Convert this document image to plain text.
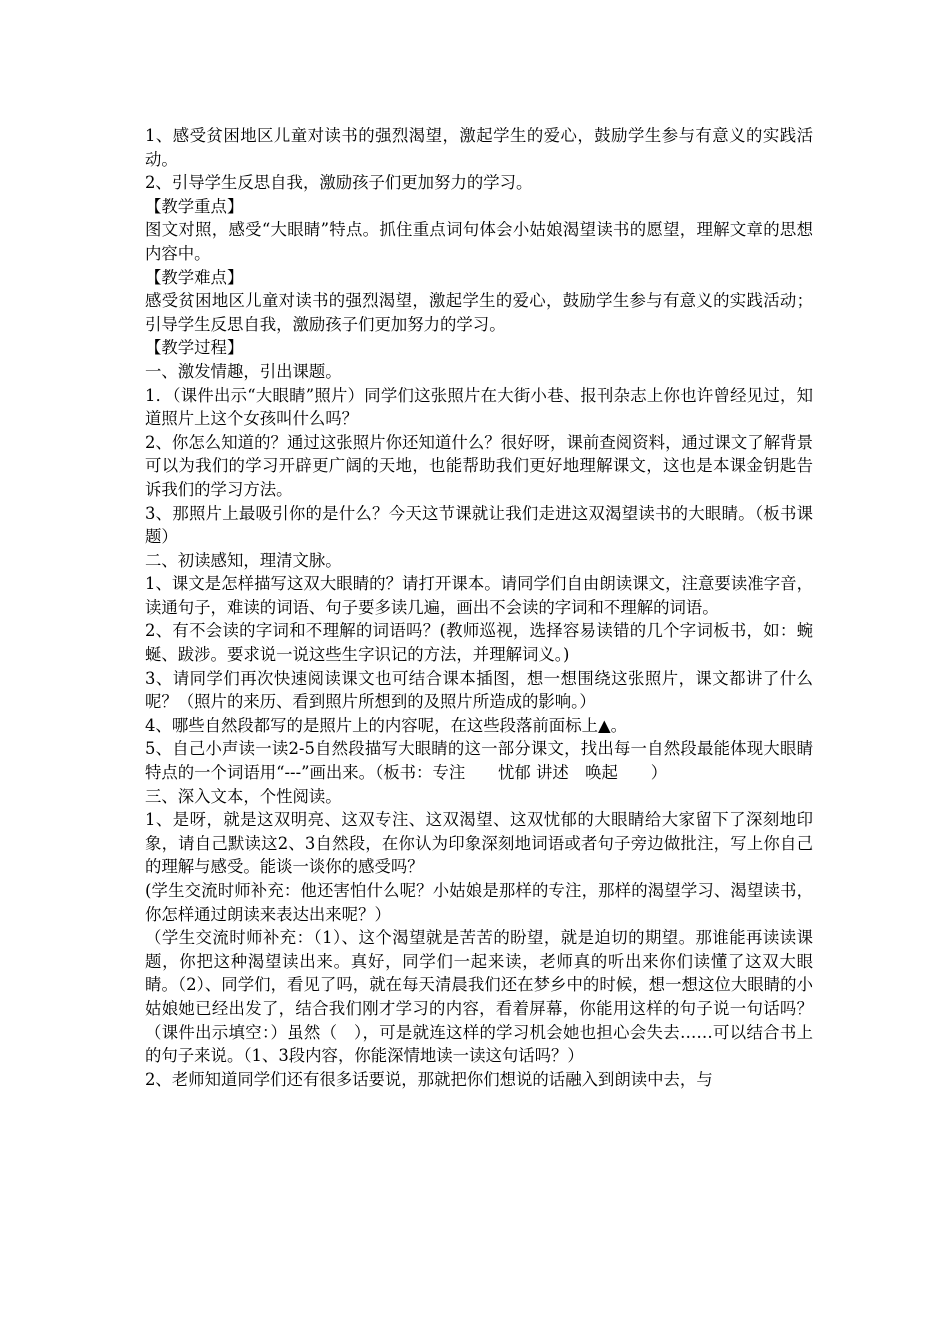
1、感受贫困地区儿童对读书的强烈渴望，激起学生的爱心，鼓励学生参与有意义的实践活动。

2、引导学生反思自我，激励孩子们更加努力的学习。

【教学重点】

图文对照，感受“大眼睛”特点。抓住重点词句体会小姑娘渴望读书的愿望，理解文章的思想内容中。

【教学难点】

感受贫困地区儿童对读书的强烈渴望，激起学生的爱心，鼓励学生参与有意义的实践活动；引导学生反思自我，激励孩子们更加努力的学习。

【教学过程】

一、激发情趣，引出课题。

1．（课件出示“大眼睛”照片）同学们这张照片在大街小巷、报刊杂志上你也许曾经见过，知道照片上这个女孩叫什么吗？

2、你怎么知道的？通过这张照片你还知道什么？很好呀，课前查阅资料，通过课文了解背景可以为我们的学习开辟更广阔的天地，也能帮助我们更好地理解课文，这也是本课金钥匙告诉我们的学习方法。

3、那照片上最吸引你的是什么？今天这节课就让我们走进这双渴望读书的大眼睛。（板书课题）

二、初读感知，理清文脉。

1、课文是怎样描写这双大眼睛的？请打开课本。请同学们自由朗读课文，注意要读准字音，读通句子，难读的词语、句子要多读几遍，画出不会读的字词和不理解的词语。

2、有不会读的字词和不理解的词语吗？(教师巡视，选择容易读错的几个字词板书，如：蜿蜒、跋涉。要求说一说这些生字识记的方法，并理解词义。)

3、请同学们再次快速阅读课文也可结合课本插图，想一想围绕这张照片，课文都讲了什么呢？（照片的来历、看到照片所想到的及照片所造成的影响。）

4、哪些自然段都写的是照片上的内容呢，在这些段落前面标上▲。

5、自己小声读一读2-5自然段描写大眼睛的这一部分课文，找出每一自然段最能体现大眼睛特点的一个词语用“---”画出来。（板书：专注　　忧郁 讲述　唤起　　）

三、深入文本，个性阅读。

1、是呀，就是这双明亮、这双专注、这双渴望、这双忧郁的大眼睛给大家留下了深刻地印象，请自己默读这2、3自然段，在你认为印象深刻地词语或者句子旁边做批注，写上你自己的理解与感受。能谈一谈你的感受吗？

(学生交流时师补充：他还害怕什么呢？小姑娘是那样的专注，那样的渴望学习、渴望读书，你怎样通过朗读来表达出来呢？）

（学生交流时师补充：（1）、这个渴望就是苦苦的盼望，就是迫切的期望。那谁能再读读课题，你把这种渴望读出来。真好，同学们一起来读，老师真的听出来你们读懂了这双大眼睛。（2）、同学们，看见了吗，就在每天清晨我们还在梦乡中的时候，想一想这位大眼睛的小姑娘她已经出发了，结合我们刚才学习的内容，看着屏幕，你能用这样的句子说一句话吗？（课件出示填空：）虽然（　），可是就连这样的学习机会她也担心会失去……可以结合书上的句子来说。（1、3段内容，你能深情地读一读这句话吗？）

2、老师知道同学们还有很多话要说，那就把你们想说的话融入到朗读中去，与
